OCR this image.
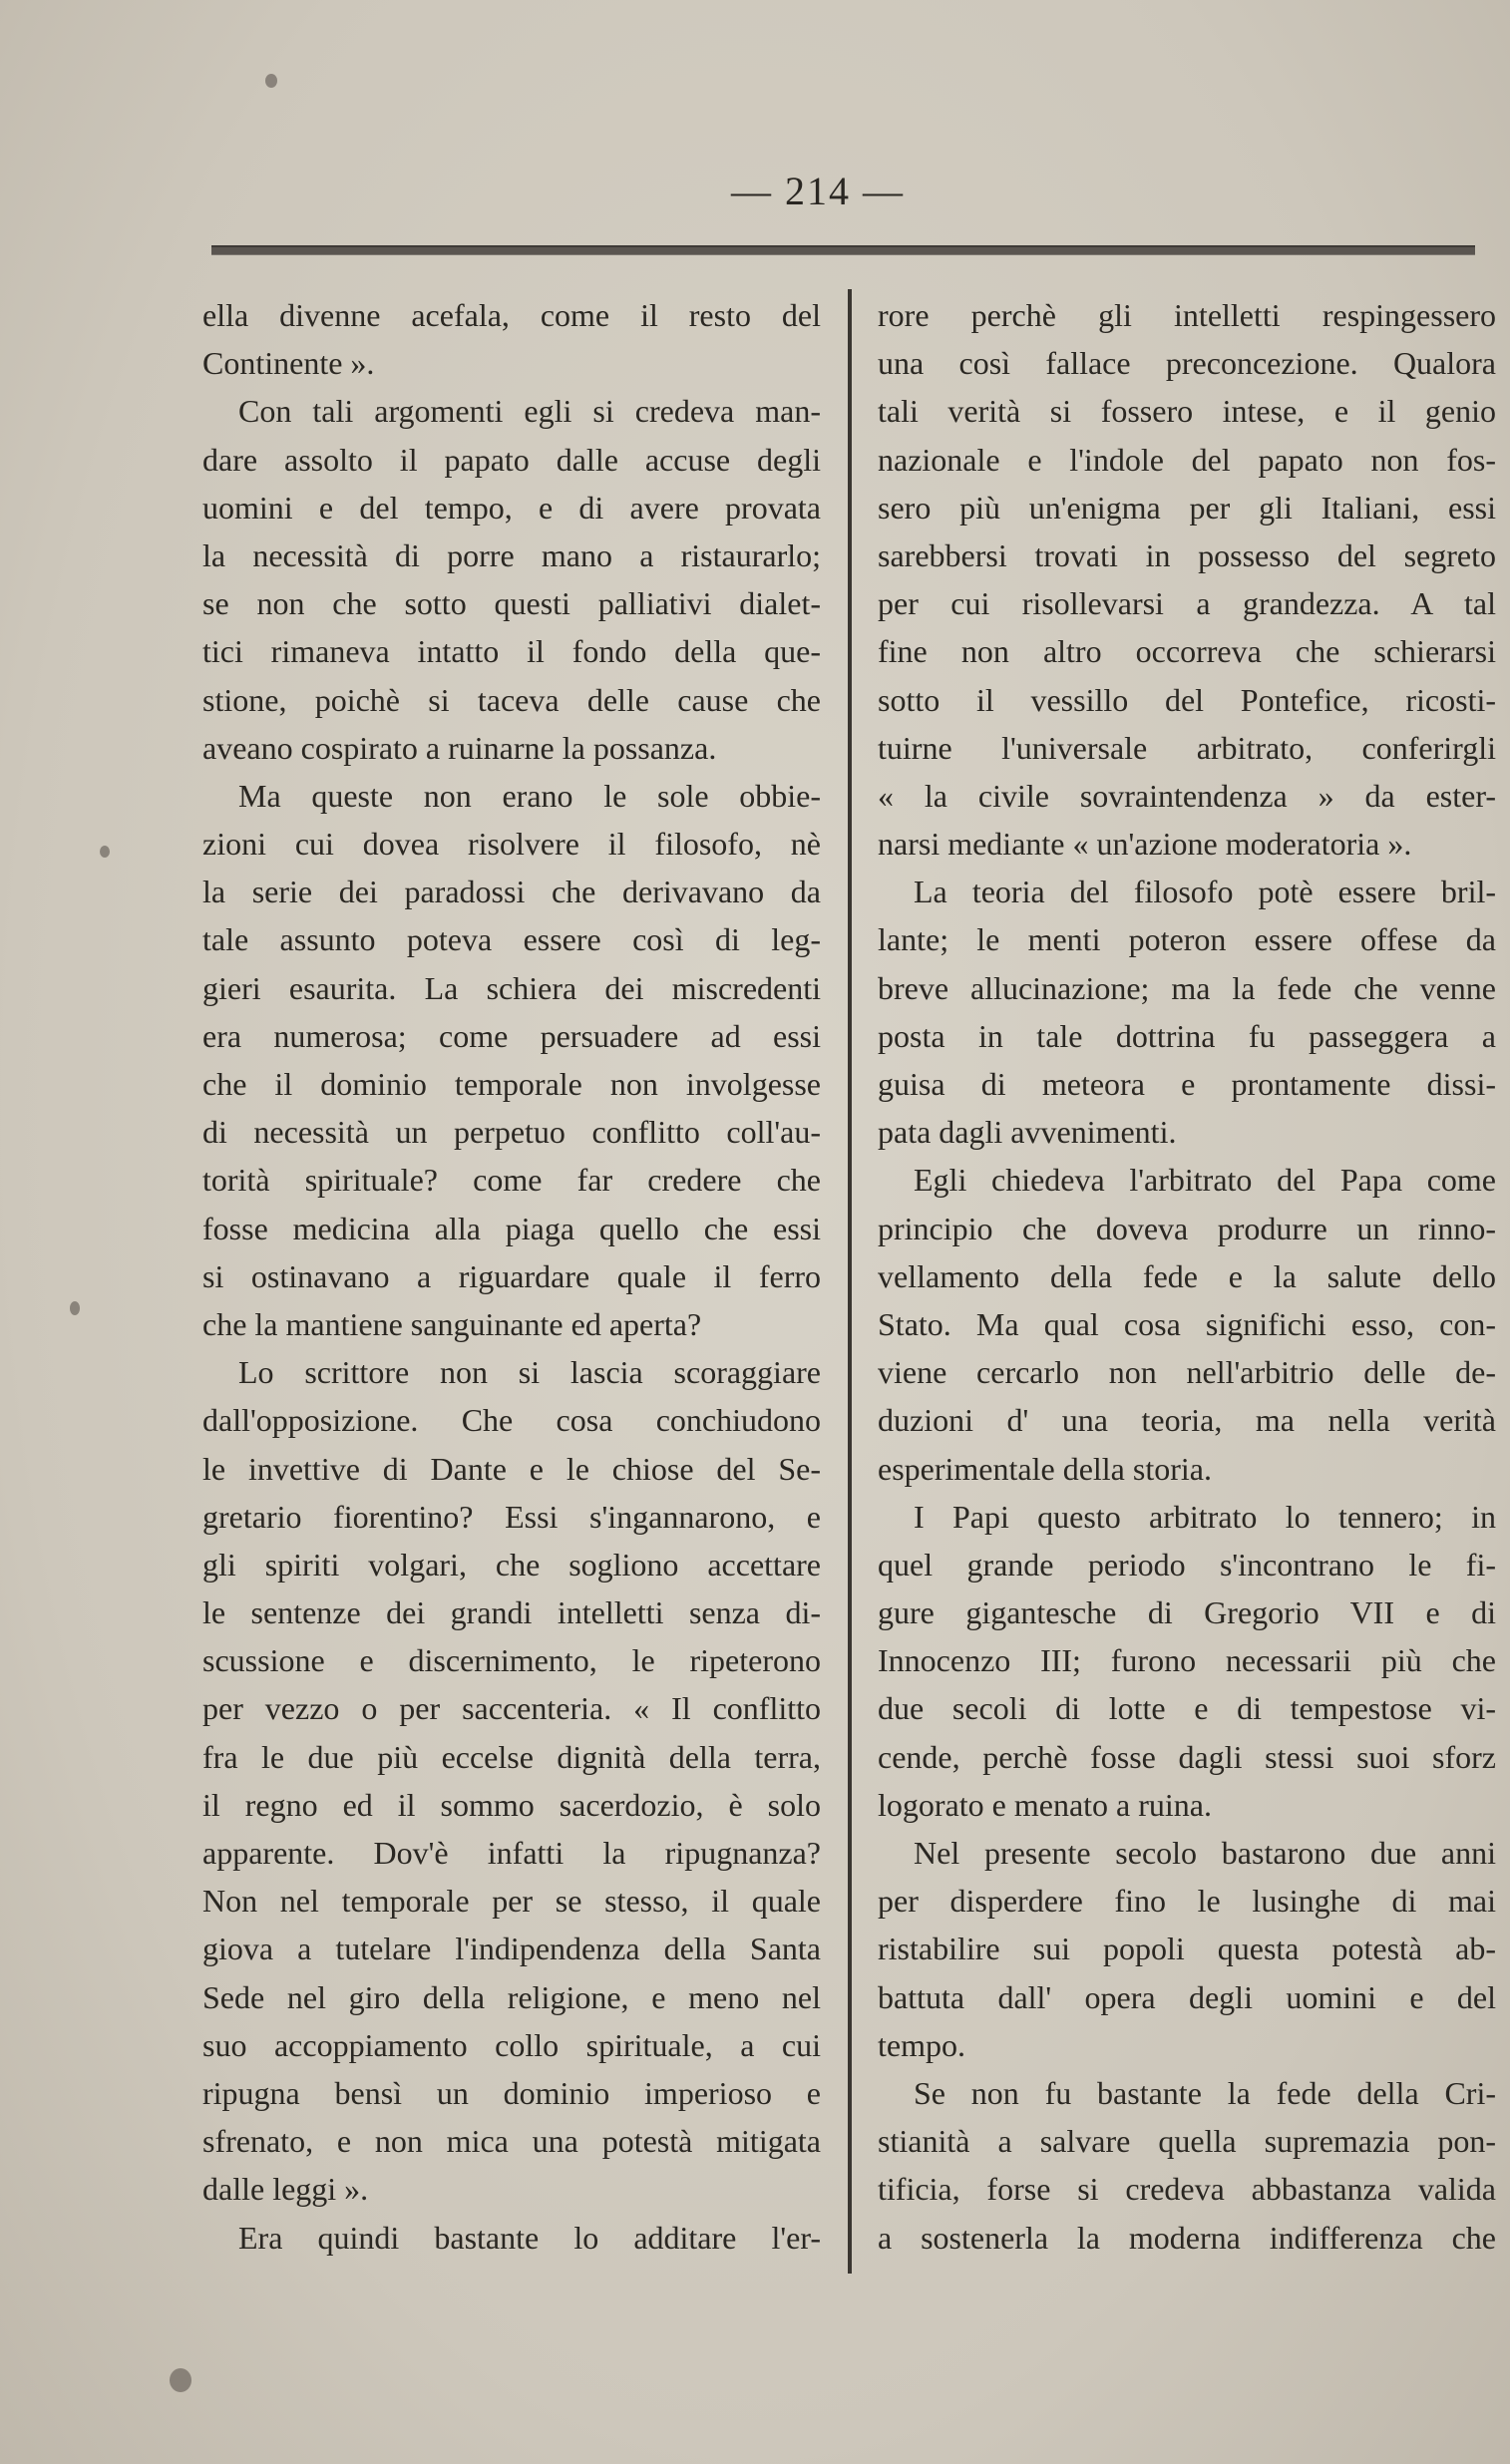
— 214 —
ella divenne acefala, come il resto del
Continente ».
Con tali argomenti egli si credeva man-
dare assolto il papato dalle accuse degli
uomini e del tempo, e di avere provata
la necessità di porre mano a ristaurarlo;
se non che sotto questi palliativi dialet-
tici rimaneva intatto il fondo della que-
stione, poichè si taceva delle cause che
aveano cospirato a ruinarne la possanza.
Ma queste non erano le sole obbie-
zioni cui dovea risolvere il filosofo, nè
la serie dei paradossi che derivavano da
tale assunto poteva essere così di leg-
gieri esaurita. La schiera dei miscredenti
era numerosa; come persuadere ad essi
che il dominio temporale non involgesse
di necessità un perpetuo conflitto coll'au-
torità spirituale? come far credere che
fosse medicina alla piaga quello che essi
si ostinavano a riguardare quale il ferro
che la mantiene sanguinante ed aperta?
Lo scrittore non si lascia scoraggiare
dall'opposizione. Che cosa conchiudono
le invettive di Dante e le chiose del Se-
gretario fiorentino? Essi s'ingannarono, e
gli spiriti volgari, che sogliono accettare
le sentenze dei grandi intelletti senza di-
scussione e discernimento, le ripeterono
per vezzo o per saccenteria. « Il conflitto
fra le due più eccelse dignità della terra,
il regno ed il sommo sacerdozio, è solo
apparente. Dov'è infatti la ripugnanza?
Non nel temporale per se stesso, il quale
giova a tutelare l'indipendenza della Santa
Sede nel giro della religione, e meno nel
suo accoppiamento collo spirituale, a cui
ripugna bensì un dominio imperioso e
sfrenato, e non mica una potestà mitigata
dalle leggi ».
Era quindi bastante lo additare l'er-
rore perchè gli intelletti respingessero
una così fallace preconcezione. Qualora
tali verità si fossero intese, e il genio
nazionale e l'indole del papato non fos-
sero più un'enigma per gli Italiani, essi
sarebbersi trovati in possesso del segreto
per cui risollevarsi a grandezza. A tal
fine non altro occorreva che schierarsi
sotto il vessillo del Pontefice, ricosti-
tuirne l'universale arbitrato, conferirgli
« la civile sovraintendenza » da ester-
narsi mediante « un'azione moderatoria ».
La teoria del filosofo potè essere bril-
lante; le menti poteron essere offese da
breve allucinazione; ma la fede che venne
posta in tale dottrina fu passeggera a
guisa di meteora e prontamente dissi-
pata dagli avvenimenti.
Egli chiedeva l'arbitrato del Papa come
principio che doveva produrre un rinno-
vellamento della fede e la salute dello
Stato. Ma qual cosa significhi esso, con-
viene cercarlo non nell'arbitrio delle de-
duzioni d' una teoria, ma nella verità
esperimentale della storia.
I Papi questo arbitrato lo tennero; in
quel grande periodo s'incontrano le fi-
gure gigantesche di Gregorio VII e di
Innocenzo III; furono necessarii più che
due secoli di lotte e di tempestose vi-
cende, perchè fosse dagli stessi suoi sforz
logorato e menato a ruina.
Nel presente secolo bastarono due anni
per disperdere fino le lusinghe di mai
ristabilire sui popoli questa potestà ab-
battuta dall' opera degli uomini e del
tempo.
Se non fu bastante la fede della Cri-
stianità a salvare quella supremazia pon-
tificia, forse si credeva abbastanza valida
a sostenerla la moderna indifferenza che
